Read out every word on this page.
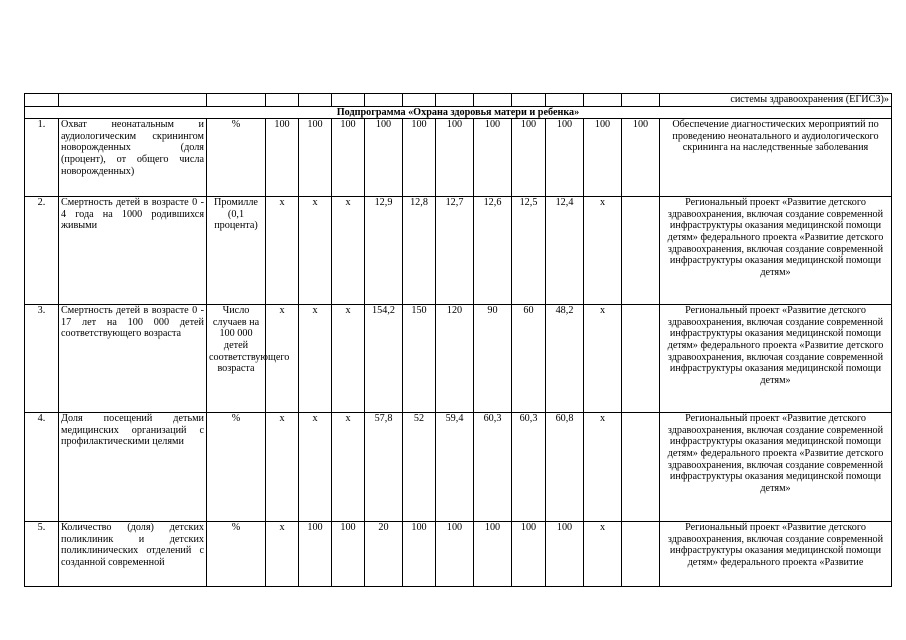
														системы здравоохранения (ЕГИСЗ)»
Подпрограмма «Охрана здоровья матери и ребенка»														
1.	Охват неонатальным и аудиологическим скринингом новорожденных (доля (процент), от общего числа новорожденных)	%	100	100	100	100	100	100	100	100	100	100	100	Обеспечение диагностических мероприятий по проведению неонатального и аудиологического скрининга на наследственные заболевания
2.	Смертность детей в возрасте 0 - 4 года на 1000 родившихся живыми	Промилле (0,1 процента)	x	x	x	12,9	12,8	12,7	12,6	12,5	12,4	x		Региональный проект «Развитие детского здравоохранения, включая создание современной инфраструктуры оказания медицинской помощи детям» федерального проекта «Развитие детского здравоохранения, включая создание современной инфраструктуры оказания медицинской помощи детям»
3.	Смертность детей в возрасте 0 - 17 лет на 100 000 детей соответствующего возраста	Число случаев на 100 000 детей соответствующего возраста	x	x	x	154,2	150	120	90	60	48,2	x		Региональный проект «Развитие детского здравоохранения, включая создание современной инфраструктуры оказания медицинской помощи детям» федерального проекта «Развитие детского здравоохранения, включая создание современной инфраструктуры оказания медицинской помощи детям»
4.	Доля посещений детьми медицинских организаций с профилактическими целями	%	x	x	x	57,8	52	59,4	60,3	60,3	60,8	x		Региональный проект «Развитие детского здравоохранения, включая создание современной инфраструктуры оказания медицинской помощи детям» федерального проекта «Развитие детского здравоохранения, включая создание современной инфраструктуры оказания медицинской помощи детям»
5.	Количество (доля) детских поликлиник и детских поликлинических отделений с созданной современной	%	x	100	100	20	100	100	100	100	100	x		Региональный проект «Развитие детского здравоохранения, включая создание современной инфраструктуры оказания медицинской помощи детям» федерального проекта «Развитие
